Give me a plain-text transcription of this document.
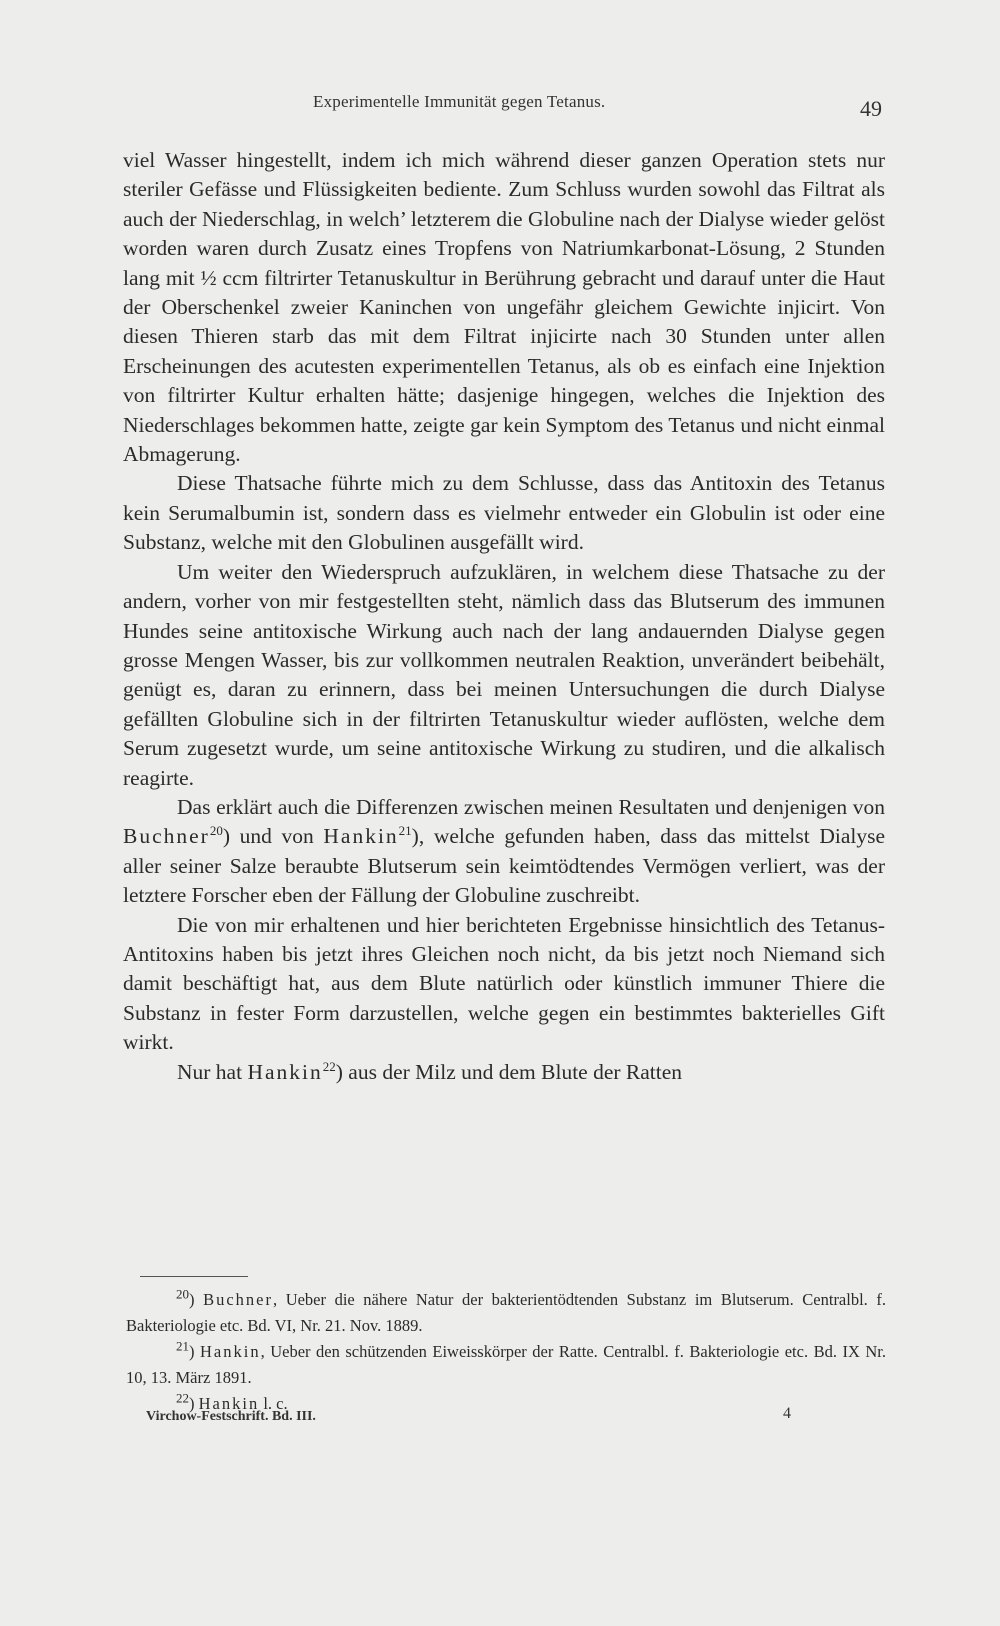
Experimentelle Immunität gegen Tetanus.	49

viel Wasser hingestellt, indem ich mich während dieser ganzen Operation stets nur steriler Gefässe und Flüssigkeiten bediente. Zum Schluss wurden sowohl das Filtrat als auch der Niederschlag, in welch’ letzterem die Globuline nach der Dialyse wieder gelöst worden waren durch Zusatz eines Tropfens von Natriumkarbonat-Lösung, 2 Stunden lang mit ½ ccm filtrirter Tetanuskultur in Berührung gebracht und darauf unter die Haut der Oberschenkel zweier Kaninchen von ungefähr gleichem Gewichte injicirt. Von diesen Thieren starb das mit dem Filtrat injicirte nach 30 Stunden unter allen Erscheinungen des acutesten experimentellen Tetanus, als ob es einfach eine Injektion von filtrirter Kultur erhalten hätte; dasjenige hingegen, welches die Injektion des Niederschlages bekommen hatte, zeigte gar kein Symptom des Tetanus und nicht einmal Abmagerung.

Diese Thatsache führte mich zu dem Schlusse, dass das Antitoxin des Tetanus kein Serumalbumin ist, sondern dass es vielmehr entweder ein Globulin ist oder eine Substanz, welche mit den Globulinen ausgefällt wird.

Um weiter den Wiederspruch aufzuklären, in welchem diese Thatsache zu der andern, vorher von mir festgestellten steht, nämlich dass das Blutserum des immunen Hundes seine antitoxische Wirkung auch nach der lang andauernden Dialyse gegen grosse Mengen Wasser, bis zur vollkommen neutralen Reaktion, unverändert beibehält, genügt es, daran zu erinnern, dass bei meinen Untersuchungen die durch Dialyse gefällten Globuline sich in der filtrirten Tetanuskultur wieder auflösten, welche dem Serum zugesetzt wurde, um seine antitoxische Wirkung zu studiren, und die alkalisch reagirte.

Das erklärt auch die Differenzen zwischen meinen Resultaten und denjenigen von Buchner$^{20}$) und von Hankin$^{21}$), welche gefunden haben, dass das mittelst Dialyse aller seiner Salze beraubte Blutserum sein keimtödtendes Vermögen verliert, was der letztere Forscher eben der Fällung der Globuline zuschreibt.

Die von mir erhaltenen und hier berichteten Ergebnisse hinsichtlich des Tetanus-Antitoxins haben bis jetzt ihres Gleichen noch nicht, da bis jetzt noch Niemand sich damit beschäftigt hat, aus dem Blute natürlich oder künstlich immuner Thiere die Substanz in fester Form darzustellen, welche gegen ein bestimmtes bakterielles Gift wirkt.

Nur hat Hankin$^{22}$) aus der Milz und dem Blute der Ratten

$^{20}$) Buchner, Ueber die nähere Natur der bakterientödtenden Substanz im Blutserum. Centralbl. f. Bakteriologie etc. Bd. VI, Nr. 21. Nov. 1889.

$^{21}$) Hankin, Ueber den schützenden Eiweisskörper der Ratte. Centralbl. f. Bakteriologie etc. Bd. IX Nr. 10, 13. März 1891.

$^{22}$) Hankin l. c.

Virchow-Festschrift. Bd. III.	4
